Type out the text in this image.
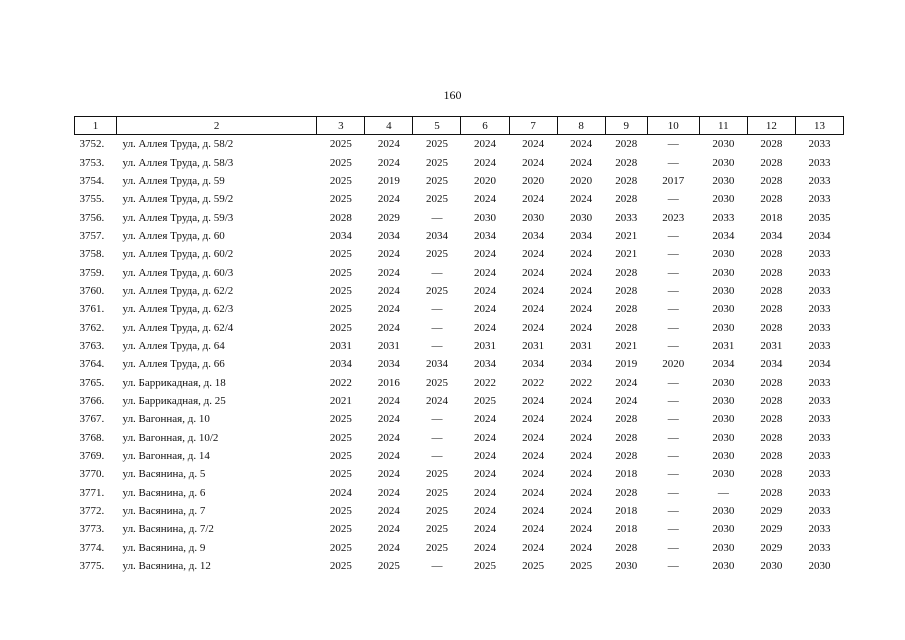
160
1	2	3	4	5	6	7	8	9	10	11	12	13
3752.	ул. Аллея Труда, д. 58/2	2025	2024	2025	2024	2024	2024	2028	—	2030	2028	2033
3753.	ул. Аллея Труда, д. 58/3	2025	2024	2025	2024	2024	2024	2028	—	2030	2028	2033
3754.	ул. Аллея Труда, д. 59	2025	2019	2025	2020	2020	2020	2028	2017	2030	2028	2033
3755.	ул. Аллея Труда, д. 59/2	2025	2024	2025	2024	2024	2024	2028	—	2030	2028	2033
3756.	ул. Аллея Труда, д. 59/3	2028	2029	—	2030	2030	2030	2033	2023	2033	2018	2035
3757.	ул. Аллея Труда, д. 60	2034	2034	2034	2034	2034	2034	2021	—	2034	2034	2034
3758.	ул. Аллея Труда, д. 60/2	2025	2024	2025	2024	2024	2024	2021	—	2030	2028	2033
3759.	ул. Аллея Труда, д. 60/3	2025	2024	—	2024	2024	2024	2028	—	2030	2028	2033
3760.	ул. Аллея Труда, д. 62/2	2025	2024	2025	2024	2024	2024	2028	—	2030	2028	2033
3761.	ул. Аллея Труда, д. 62/3	2025	2024	—	2024	2024	2024	2028	—	2030	2028	2033
3762.	ул. Аллея Труда, д. 62/4	2025	2024	—	2024	2024	2024	2028	—	2030	2028	2033
3763.	ул. Аллея Труда, д. 64	2031	2031	—	2031	2031	2031	2021	—	2031	2031	2033
3764.	ул. Аллея Труда, д. 66	2034	2034	2034	2034	2034	2034	2019	2020	2034	2034	2034
3765.	ул. Баррикадная, д. 18	2022	2016	2025	2022	2022	2022	2024	—	2030	2028	2033
3766.	ул. Баррикадная, д. 25	2021	2024	2024	2025	2024	2024	2024	—	2030	2028	2033
3767.	ул. Вагонная, д. 10	2025	2024	—	2024	2024	2024	2028	—	2030	2028	2033
3768.	ул. Вагонная, д. 10/2	2025	2024	—	2024	2024	2024	2028	—	2030	2028	2033
3769.	ул. Вагонная, д. 14	2025	2024	—	2024	2024	2024	2028	—	2030	2028	2033
3770.	ул. Васянина, д. 5	2025	2024	2025	2024	2024	2024	2018	—	2030	2028	2033
3771.	ул. Васянина, д. 6	2024	2024	2025	2024	2024	2024	2028	—	—	2028	2033
3772.	ул. Васянина, д. 7	2025	2024	2025	2024	2024	2024	2018	—	2030	2029	2033
3773.	ул. Васянина, д. 7/2	2025	2024	2025	2024	2024	2024	2018	—	2030	2029	2033
3774.	ул. Васянина, д. 9	2025	2024	2025	2024	2024	2024	2028	—	2030	2029	2033
3775.	ул. Васянина, д. 12	2025	2025	—	2025	2025	2025	2030	—	2030	2030	2030
